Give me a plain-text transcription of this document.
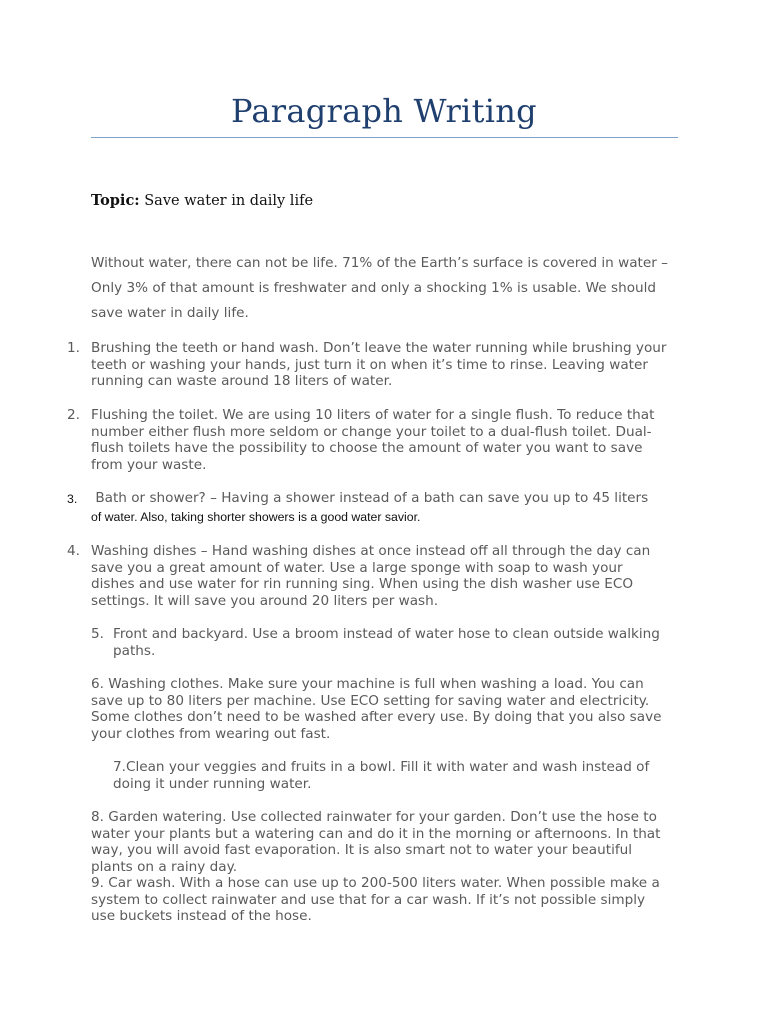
Paragraph Writing
Topic: Save water in daily life
Without water, there can not be life. 71% of the Earth’s surface is covered in water –
Only 3% of that amount is freshwater and only a shocking 1% is usable. We should
save water in daily life.
1. Brushing the teeth or hand wash. Don’t leave the water running while brushing your
teeth or washing your hands, just turn it on when it’s time to rinse. Leaving water
running can waste around 18 liters of water.
2. Flushing the toilet. We are using 10 liters of water for a single flush. To reduce that
number either flush more seldom or change your toilet to a dual-flush toilet. Dual-
flush toilets have the possibility to choose the amount of water you want to save
from your waste.
3. Bath or shower? – Having a shower instead of a bath can save you up to 45 liters
of water. Also, taking shorter showers is a good water savior.
4. Washing dishes – Hand washing dishes at once instead off all through the day can
save you a great amount of water. Use a large sponge with soap to wash your
dishes and use water for rin running sing. When using the dish washer use ECO
settings. It will save you around 20 liters per wash.
5. Front and backyard. Use a broom instead of water hose to clean outside walking
paths.
6. Washing clothes. Make sure your machine is full when washing a load. You can
save up to 80 liters per machine. Use ECO setting for saving water and electricity.
Some clothes don’t need to be washed after every use. By doing that you also save
your clothes from wearing out fast.
7.Clean your veggies and fruits in a bowl. Fill it with water and wash instead of
doing it under running water.
8. Garden watering. Use collected rainwater for your garden. Don’t use the hose to
water your plants but a watering can and do it in the morning or afternoons. In that
way, you will avoid fast evaporation. It is also smart not to water your beautiful
plants on a rainy day.
9. Car wash. With a hose can use up to 200-500 liters water. When possible make a
system to collect rainwater and use that for a car wash. If it’s not possible simply
use buckets instead of the hose.
